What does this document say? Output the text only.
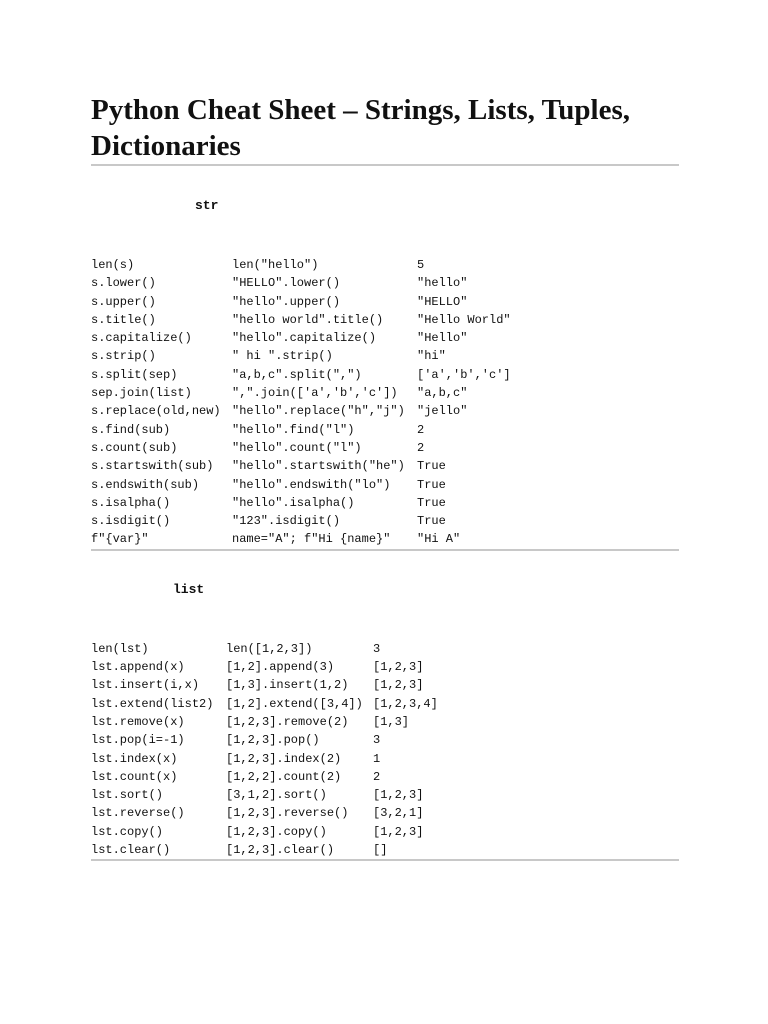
Python Cheat Sheet – Strings, Lists, Tuples, Dictionaries
str
len(s)	len("hello")	5
s.lower()	"HELLO".lower()	"hello"
s.upper()	"hello".upper()	"HELLO"
s.title()	"hello world".title()	"Hello World"
s.capitalize()	"hello".capitalize()	"Hello"
s.strip()	" hi ".strip()	"hi"
s.split(sep)	"a,b,c".split(",")	['a','b','c']
sep.join(list)	",".join(['a','b','c'])	"a,b,c"
s.replace(old,new)	"hello".replace("h","j")	"jello"
s.find(sub)	"hello".find("l")	2
s.count(sub)	"hello".count("l")	2
s.startswith(sub)	"hello".startswith("he")	True
s.endswith(sub)	"hello".endswith("lo")	True
s.isalpha()	"hello".isalpha()	True
s.isdigit()	"123".isdigit()	True
f"{var}"	name="A"; f"Hi {name}"	"Hi A"
list
len(lst)	len([1,2,3])	3
lst.append(x)	[1,2].append(3)	[1,2,3]
lst.insert(i,x)	[1,3].insert(1,2)	[1,2,3]
lst.extend(list2)	[1,2].extend([3,4])	[1,2,3,4]
lst.remove(x)	[1,2,3].remove(2)	[1,3]
lst.pop(i=-1)	[1,2,3].pop()	3
lst.index(x)	[1,2,3].index(2)	1
lst.count(x)	[1,2,2].count(2)	2
lst.sort()	[3,1,2].sort()	[1,2,3]
lst.reverse()	[1,2,3].reverse()	[3,2,1]
lst.copy()	[1,2,3].copy()	[1,2,3]
lst.clear()	[1,2,3].clear()	[]
